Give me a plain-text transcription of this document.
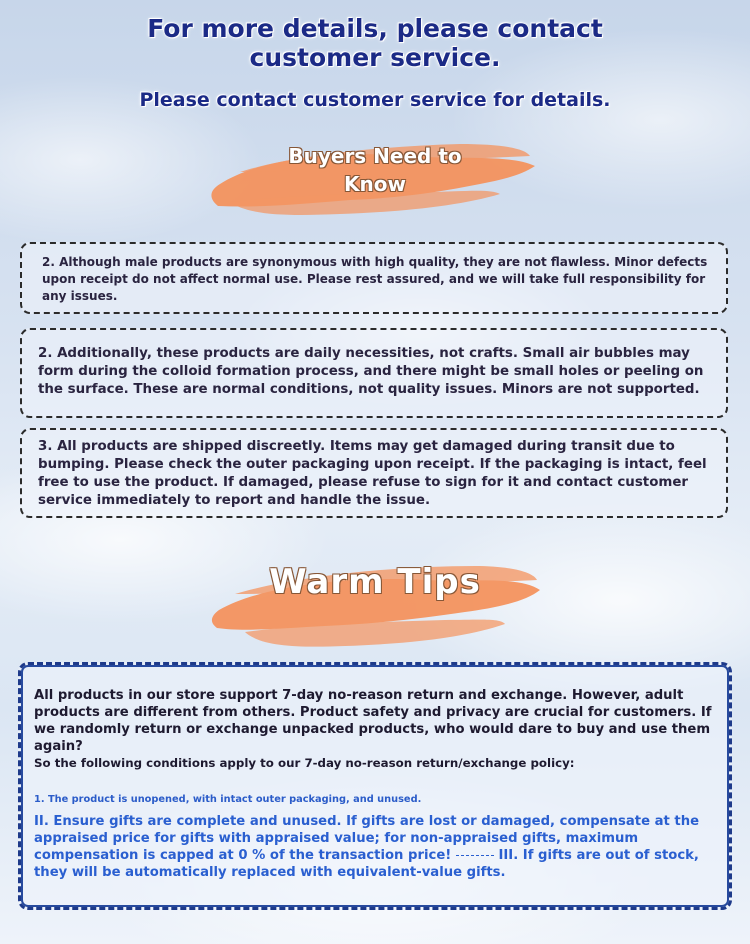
For more details, please contact
customer service.
Please contact customer service for details.
Buyers Need to
Know
2. Although male products are synonymous with high quality, they are not flawless. Minor defects upon receipt do not affect normal use. Please rest assured, and we will take full responsibility for any issues.
2. Additionally, these products are daily necessities, not crafts. Small air bubbles may form during the colloid formation process, and there might be small holes or peeling on the surface. These are normal conditions, not quality issues. Minors are not supported.
3. All products are shipped discreetly. Items may get damaged during transit due to bumping. Please check the outer packaging upon receipt. If the packaging is intact, feel free to use the product. If damaged, please refuse to sign for it and contact customer service immediately to report and handle the issue.
Warm Tips
All products in our store support 7-day no-reason return and exchange. However, adult products are different from others. Product safety and privacy are crucial for customers. If we randomly return or exchange unpacked products, who would dare to buy and use them again?
So the following conditions apply to our 7-day no-reason return/exchange policy:
1. The product is unopened, with intact outer packaging, and unused.
II. Ensure gifts are complete and unused. If gifts are lost or damaged, compensate at the appraised price for gifts with appraised value; for non-appraised gifts, maximum compensation is capped at 0 % of the transaction price!	III. If gifts are out of stock, they will be automatically replaced with equivalent-value gifts.
